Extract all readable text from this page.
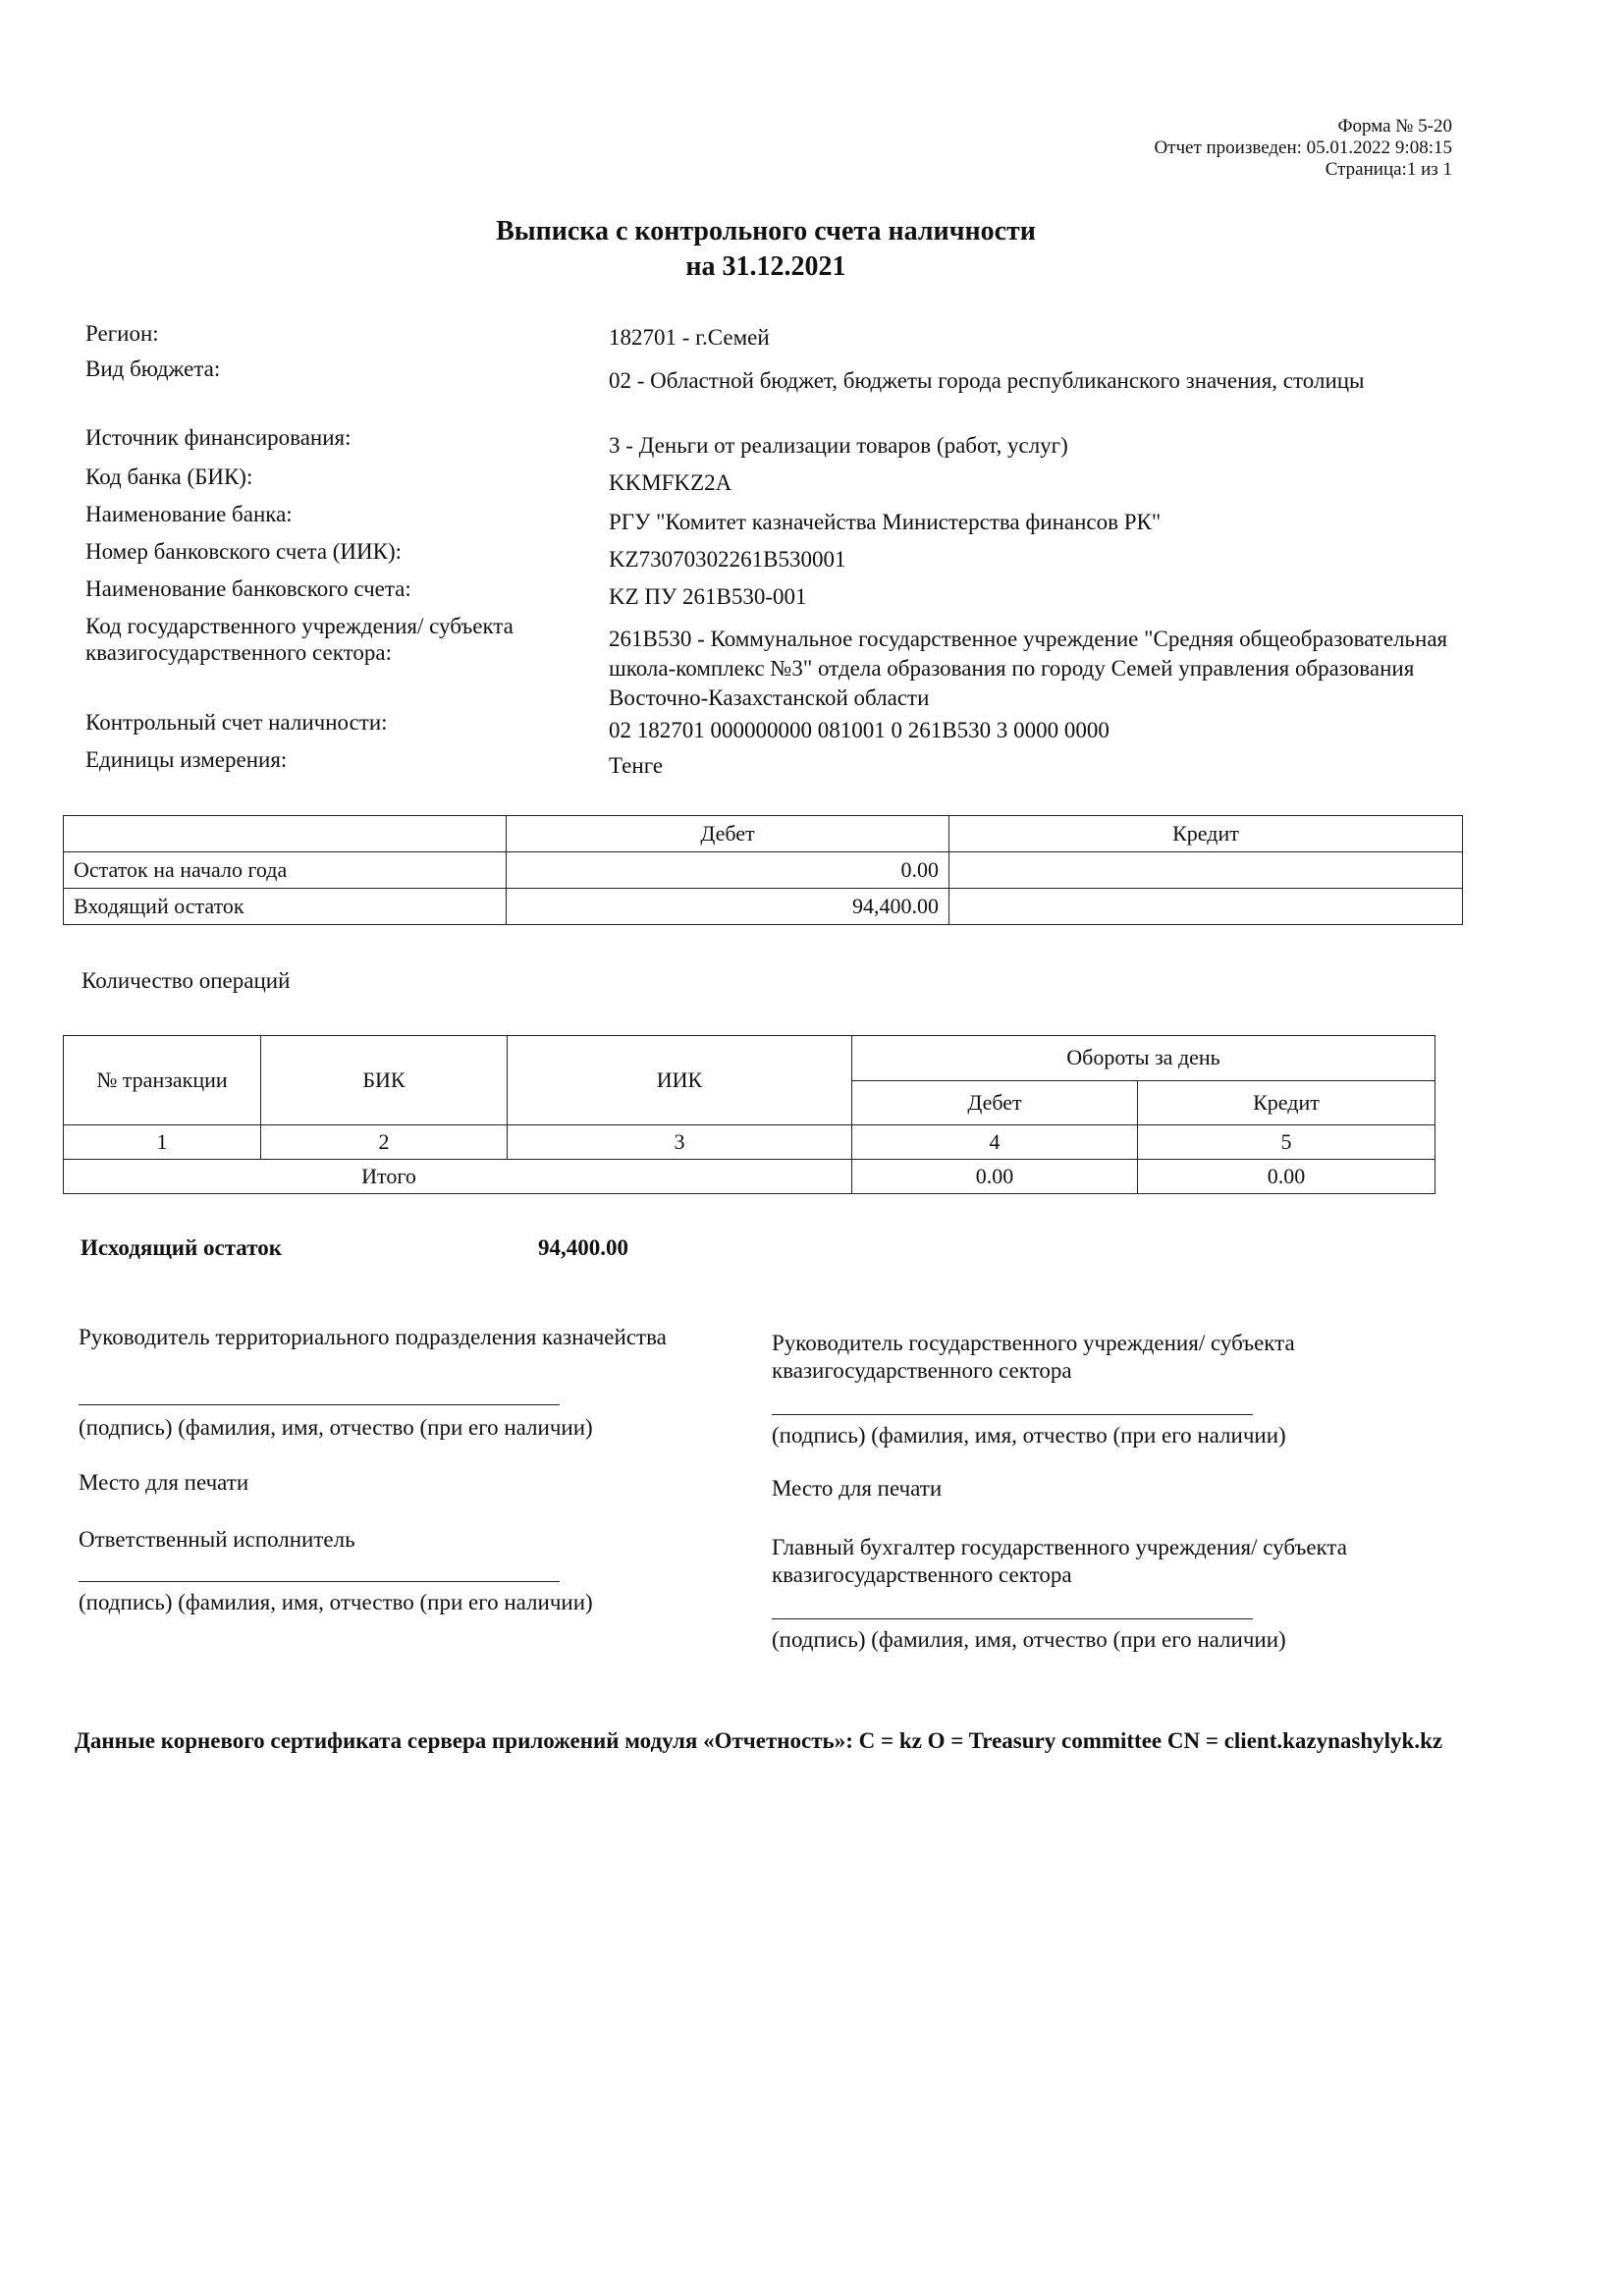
Форма № 5-20
Отчет произведен: 05.01.2022 9:08:15
Страница:1 из 1
Выписка с контрольного счета наличности
на 31.12.2021
Регион:	182701 - г.Семей
Вид бюджета:	02 - Областной бюджет, бюджеты города республиканского значения, столицы
Источник финансирования:	3 - Деньги от реализации товаров (работ, услуг)
Код банка (БИК):	KKMFKZ2A
Наименование банка:	РГУ "Комитет казначейства Министерства финансов РК"
Номер банковского счета (ИИК):	KZ73070302261B530001
Наименование банковского счета:	KZ ПУ 261B530-001
Код государственного учреждения/ субъекта квазигосударственного сектора:
261B530 - Коммунальное государственное учреждение "Средняя общеобразовательная школа-комплекс №3" отдела образования по городу Семей управления образования Восточно-Казахстанской области
Контрольный счет наличности:	02 182701 000000000 081001 0 261B530 3 0000 0000
Единицы измерения:	Тенге
	Дебет	Кредит
Остаток на начало года	0.00	
Входящий остаток	94,400.00	
Количество операций
№ транзакции	БИК	ИИК	Обороты за день	
			Дебет	Кредит
1	2	3	4	5
Итого			0.00	0.00
Исходящий остаток	94,400.00
Руководитель территориального подразделения казначейства
(подпись) (фамилия, имя, отчество (при его наличии)
Место для печати
Ответственный исполнитель
(подпись) (фамилия, имя, отчество (при его наличии)
Руководитель государственного учреждения/ субъекта квазигосударственного сектора
(подпись) (фамилия, имя, отчество (при его наличии)
Место для печати
Главный бухгалтер государственного учреждения/ субъекта квазигосударственного сектора
(подпись) (фамилия, имя, отчество (при его наличии)
Данные корневого сертификата сервера приложений модуля «Отчетность»: C = kz O = Treasury committee CN = client.kazynashylyk.kz
